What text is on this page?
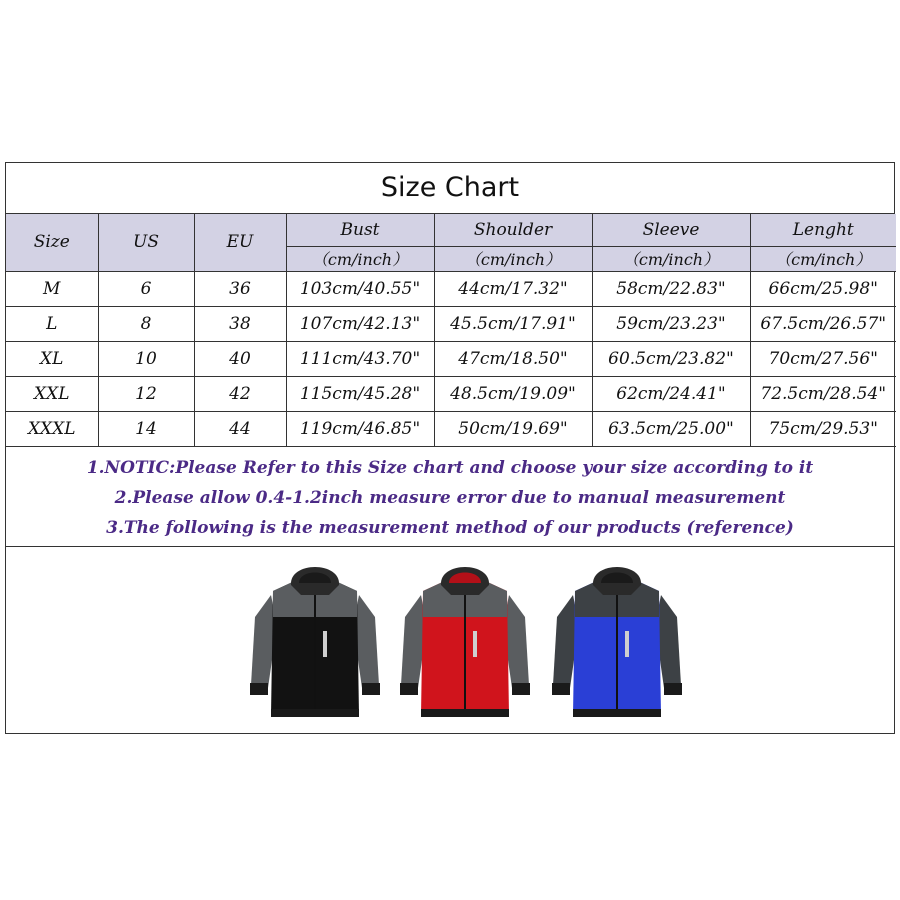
Size Chart
Size	US	EU	Bust	Shoulder	Sleeve	Lenght
			（cm/inch）	（cm/inch）	（cm/inch）	（cm/inch）
M	6	36	103cm/40.55"	44cm/17.32"	58cm/22.83"	66cm/25.98"
L	8	38	107cm/42.13"	45.5cm/17.91"	59cm/23.23"	67.5cm/26.57"
XL	10	40	111cm/43.70"	47cm/18.50"	60.5cm/23.82"	70cm/27.56"
XXL	12	42	115cm/45.28"	48.5cm/19.09"	62cm/24.41"	72.5cm/28.54"
XXXL	14	44	119cm/46.85"	50cm/19.69"	63.5cm/25.00"	75cm/29.53"
1.NOTIC:Please Refer to this Size chart and choose your size according to it
2.Please allow 0.4-1.2inch measure error due to manual measurement
3.The following is the measurement method of our products (reference)
